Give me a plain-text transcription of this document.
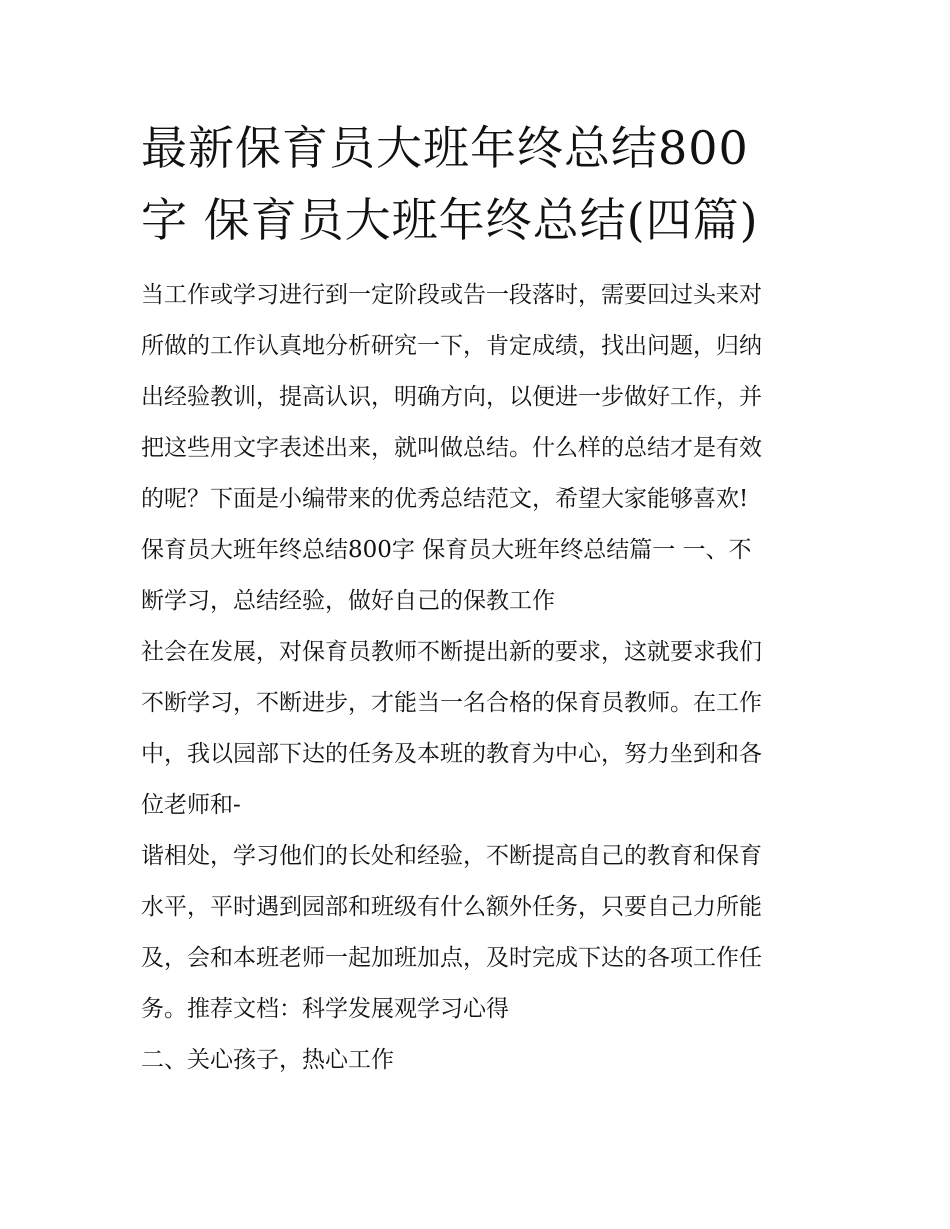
最新保育员大班年终总结800
字 保育员大班年终总结(四篇)

当工作或学习进行到一定阶段或告一段落时，需要回过头来对
所做的工作认真地分析研究一下，肯定成绩，找出问题，归纳
出经验教训，提高认识，明确方向，以便进一步做好工作，并
把这些用文字表述出来，就叫做总结。什么样的总结才是有效
的呢？下面是小编带来的优秀总结范文，希望大家能够喜欢!

保育员大班年终总结800字 保育员大班年终总结篇一 一、不
断学习，总结经验，做好自己的保教工作

社会在发展，对保育员教师不断提出新的要求，这就要求我们
不断学习，不断进步，才能当一名合格的保育员教师。在工作
中，我以园部下达的任务及本班的教育为中心，努力坐到和各
位老师和-

谐相处，学习他们的长处和经验，不断提高自己的教育和保育
水平，平时遇到园部和班级有什么额外任务，只要自己力所能
及，会和本班老师一起加班加点，及时完成下达的各项工作任
务。推荐文档：科学发展观学习心得

二、关心孩子，热心工作
